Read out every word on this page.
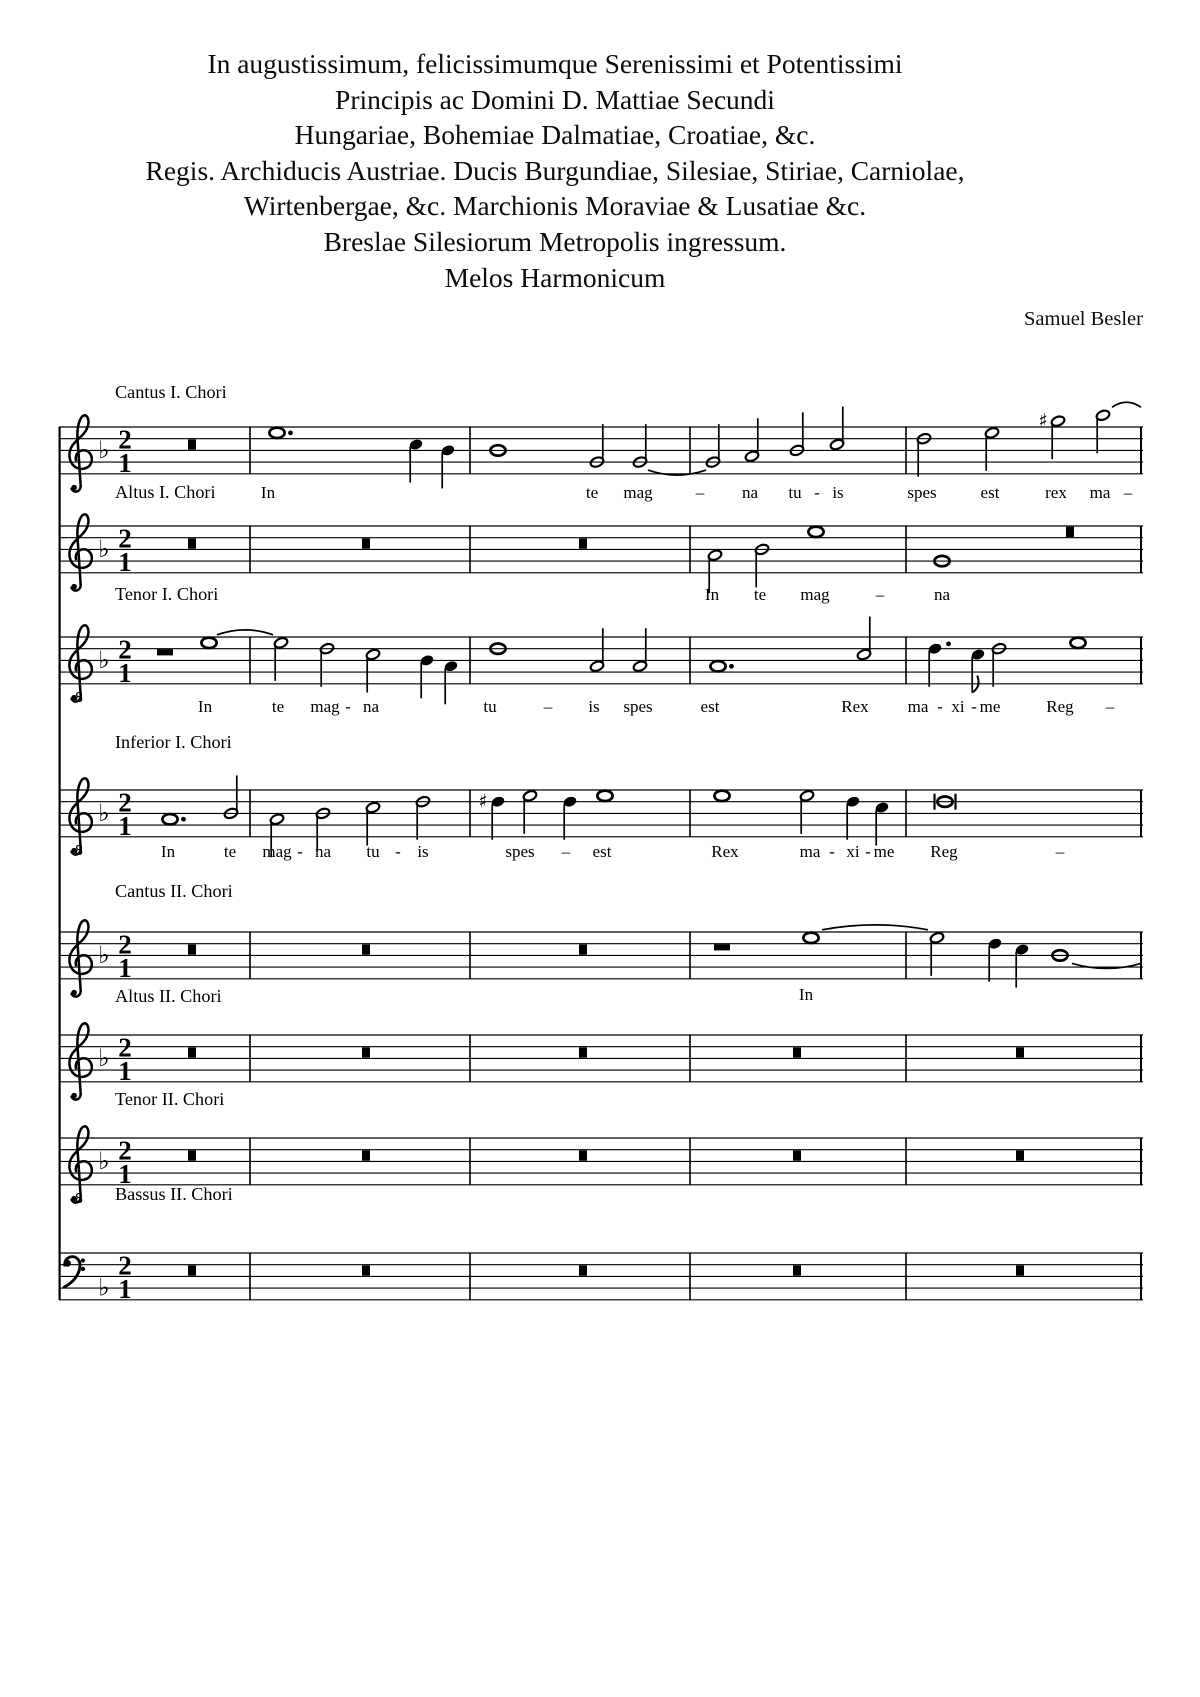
In augustissimum, felicissimumque Serenissimi et Potentissimi
Principis ac Domini D. Mattiae Secundi
Hungariae, Bohemiae Dalmatiae, Croatiae, &c.
Regis. Archiducis Austriae. Ducis Burgundiae, Silesiae, Stiriae, Carniolae,
Wirtenbergae, &c. Marchionis Moraviae & Lusatiae &c.
Breslae Silesiorum Metropolis ingressum.
Melos Harmonicum
Samuel Besler
♭ 2
1
Cantus I. Chori
♯
In	te mag	– na tu - is	spes	est	rex ma –
♭ 2
1
Altus I. Chori
In te mag	–	na
8
♭ 2
1
Tenor I. Chori
In	te mag - na	tu	– is spes	est	Rex ma - xi - me	Reg –
8
♭ 2
1
Inferior I. Chori
♯
In	te mag - na tu - is	spes – est	Rex	ma - xi - me Reg	–
♭ 2
1
Cantus II. Chori
In
♭ 2
1
Altus II. Chori
8
♭ 2
1
Tenor II. Chori
♭
2
1
Bassus II. Chori
